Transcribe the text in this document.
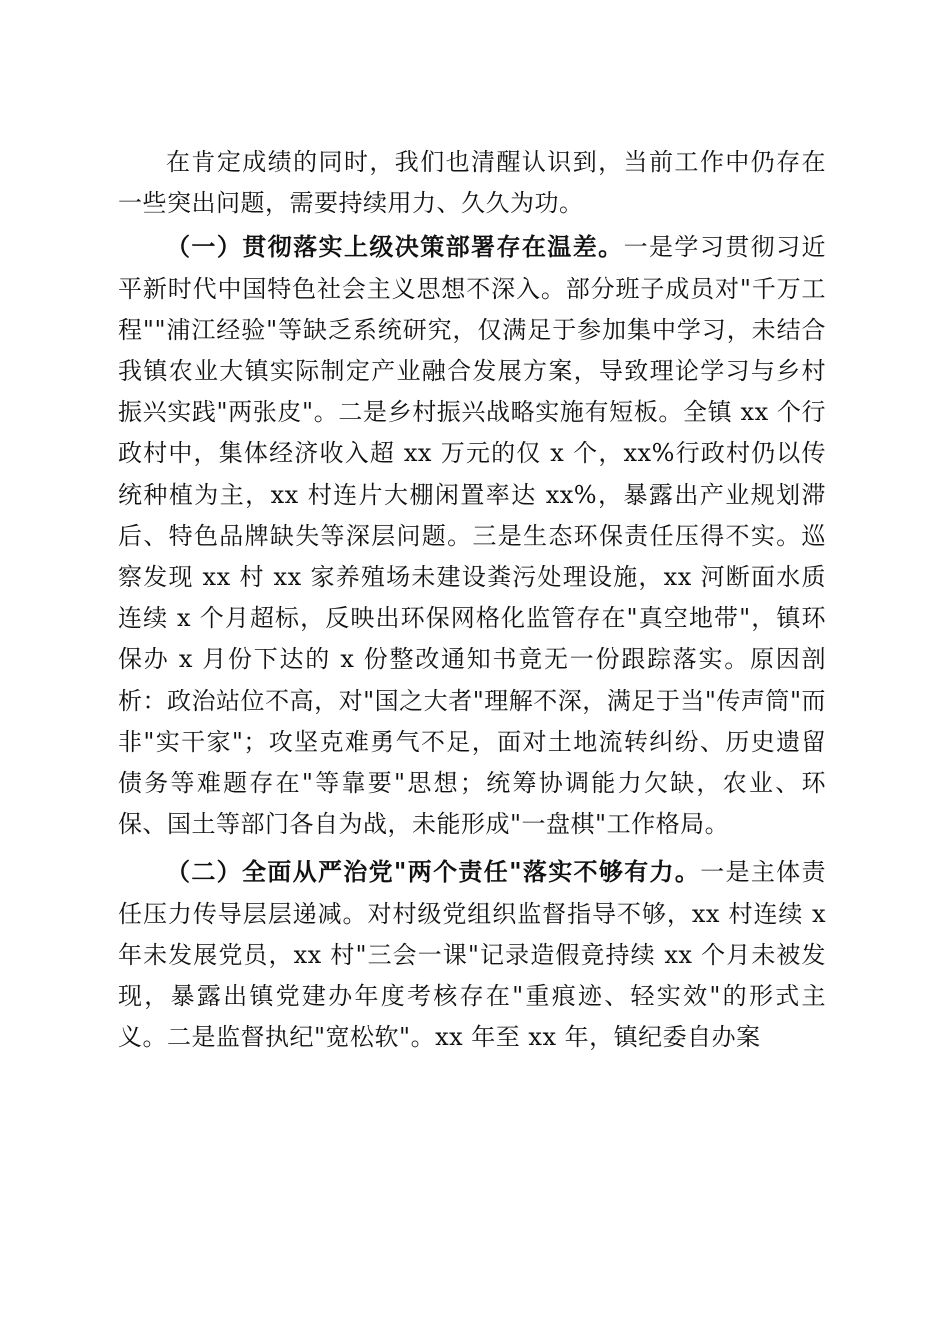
在肯定成绩的同时，我们也清醒认识到，当前工作中仍存在一些突出问题，需要持续用力、久久为功。

（一）贯彻落实上级决策部署存在温差。一是学习贯彻习近平新时代中国特色社会主义思想不深入。部分班子成员对"千万工程""浦江经验"等缺乏系统研究，仅满足于参加集中学习，未结合我镇农业大镇实际制定产业融合发展方案，导致理论学习与乡村振兴实践"两张皮"。二是乡村振兴战略实施有短板。全镇 xx 个行政村中，集体经济收入超 xx 万元的仅 x 个，xx%行政村仍以传统种植为主，xx 村连片大棚闲置率达 xx%，暴露出产业规划滞后、特色品牌缺失等深层问题。三是生态环保责任压得不实。巡察发现 xx 村 xx 家养殖场未建设粪污处理设施，xx 河断面水质连续 x 个月超标，反映出环保网格化监管存在"真空地带"，镇环保办 x 月份下达的 x 份整改通知书竟无一份跟踪落实。原因剖析：政治站位不高，对"国之大者"理解不深，满足于当"传声筒"而非"实干家"；攻坚克难勇气不足，面对土地流转纠纷、历史遗留债务等难题存在"等靠要"思想；统筹协调能力欠缺，农业、环保、国土等部门各自为战，未能形成"一盘棋"工作格局。

（二）全面从严治党"两个责任"落实不够有力。一是主体责任压力传导层层递减。对村级党组织监督指导不够，xx 村连续 x 年未发展党员，xx 村"三会一课"记录造假竟持续 xx 个月未被发现，暴露出镇党建办年度考核存在"重痕迹、轻实效"的形式主义。二是监督执纪"宽松软"。xx 年至 xx 年，镇纪委自办案
